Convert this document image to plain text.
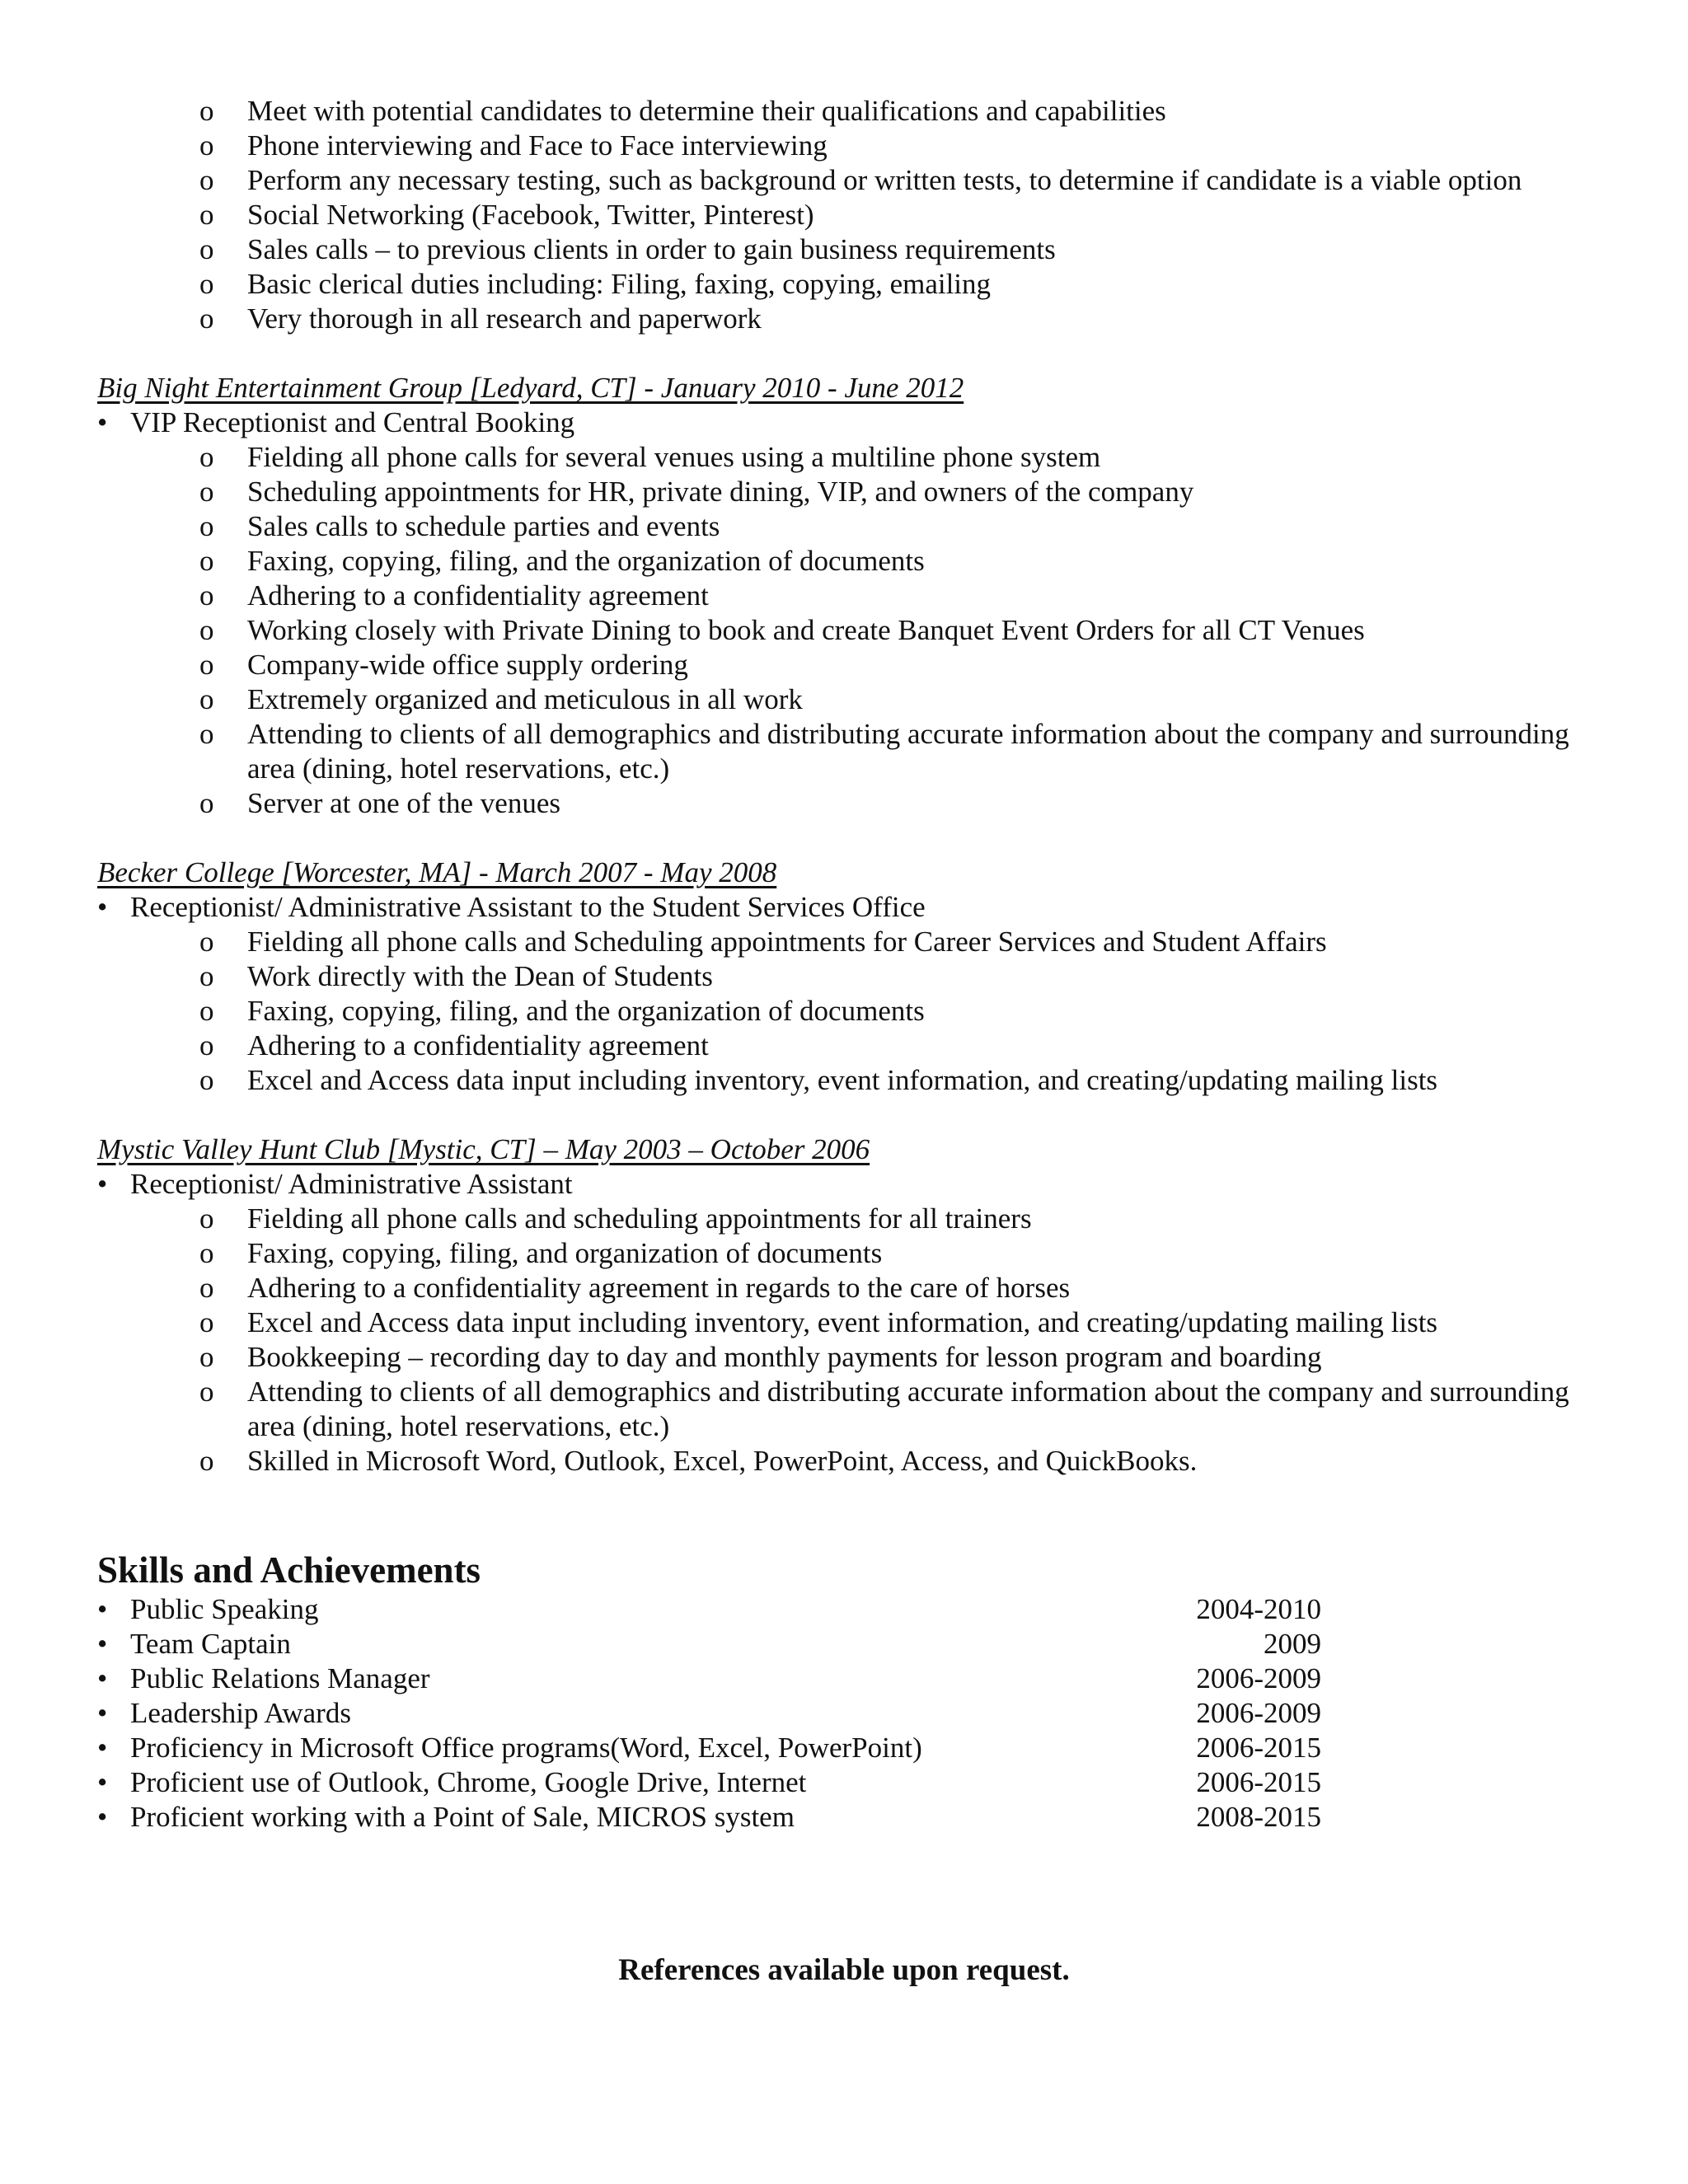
o Meet with potential candidates to determine their qualifications and capabilities
o Phone interviewing and Face to Face interviewing
o Perform any necessary testing, such as background or written tests, to determine if candidate is a viable option
o Social Networking (Facebook, Twitter, Pinterest)
o Sales calls – to previous clients in order to gain business requirements
o Basic clerical duties including: Filing, faxing, copying, emailing
o Very thorough in all research and paperwork
Big Night Entertainment Group [Ledyard, CT] - January 2010 - June 2012
• VIP Receptionist and Central Booking
o Fielding all phone calls for several venues using a multiline phone system
o Scheduling appointments for HR, private dining, VIP, and owners of the company
o Sales calls to schedule parties and events
o Faxing, copying, filing, and the organization of documents
o Adhering to a confidentiality agreement
o Working closely with Private Dining to book and create Banquet Event Orders for all CT Venues
o Company-wide office supply ordering
o Extremely organized and meticulous in all work
o Attending to clients of all demographics and distributing accurate information about the company and surrounding area (dining, hotel reservations, etc.)
o Server at one of the venues
Becker College [Worcester, MA] - March 2007 - May 2008
• Receptionist/ Administrative Assistant to the Student Services Office
o Fielding all phone calls and Scheduling appointments for Career Services and Student Affairs
o Work directly with the Dean of Students
o Faxing, copying, filing, and the organization of documents
o Adhering to a confidentiality agreement
o Excel and Access data input including inventory, event information, and creating/updating mailing lists
Mystic Valley Hunt Club [Mystic, CT] – May 2003 – October 2006
• Receptionist/ Administrative Assistant
o Fielding all phone calls and scheduling appointments for all trainers
o Faxing, copying, filing, and organization of documents
o Adhering to a confidentiality agreement in regards to the care of horses
o Excel and Access data input including inventory, event information, and creating/updating mailing lists
o Bookkeeping – recording day to day and monthly payments for lesson program and boarding
o Attending to clients of all demographics and distributing accurate information about the company and surrounding area (dining, hotel reservations, etc.)
o Skilled in Microsoft Word, Outlook, Excel, PowerPoint, Access, and QuickBooks.
Skills and Achievements
• Public Speaking	2004-2010
• Team Captain	2009
• Public Relations Manager	2006-2009
• Leadership Awards	2006-2009
• Proficiency in Microsoft Office programs(Word, Excel, PowerPoint)	2006-2015
• Proficient use of Outlook, Chrome, Google Drive, Internet	2006-2015
• Proficient working with a Point of Sale, MICROS system	2008-2015
References available upon request.
